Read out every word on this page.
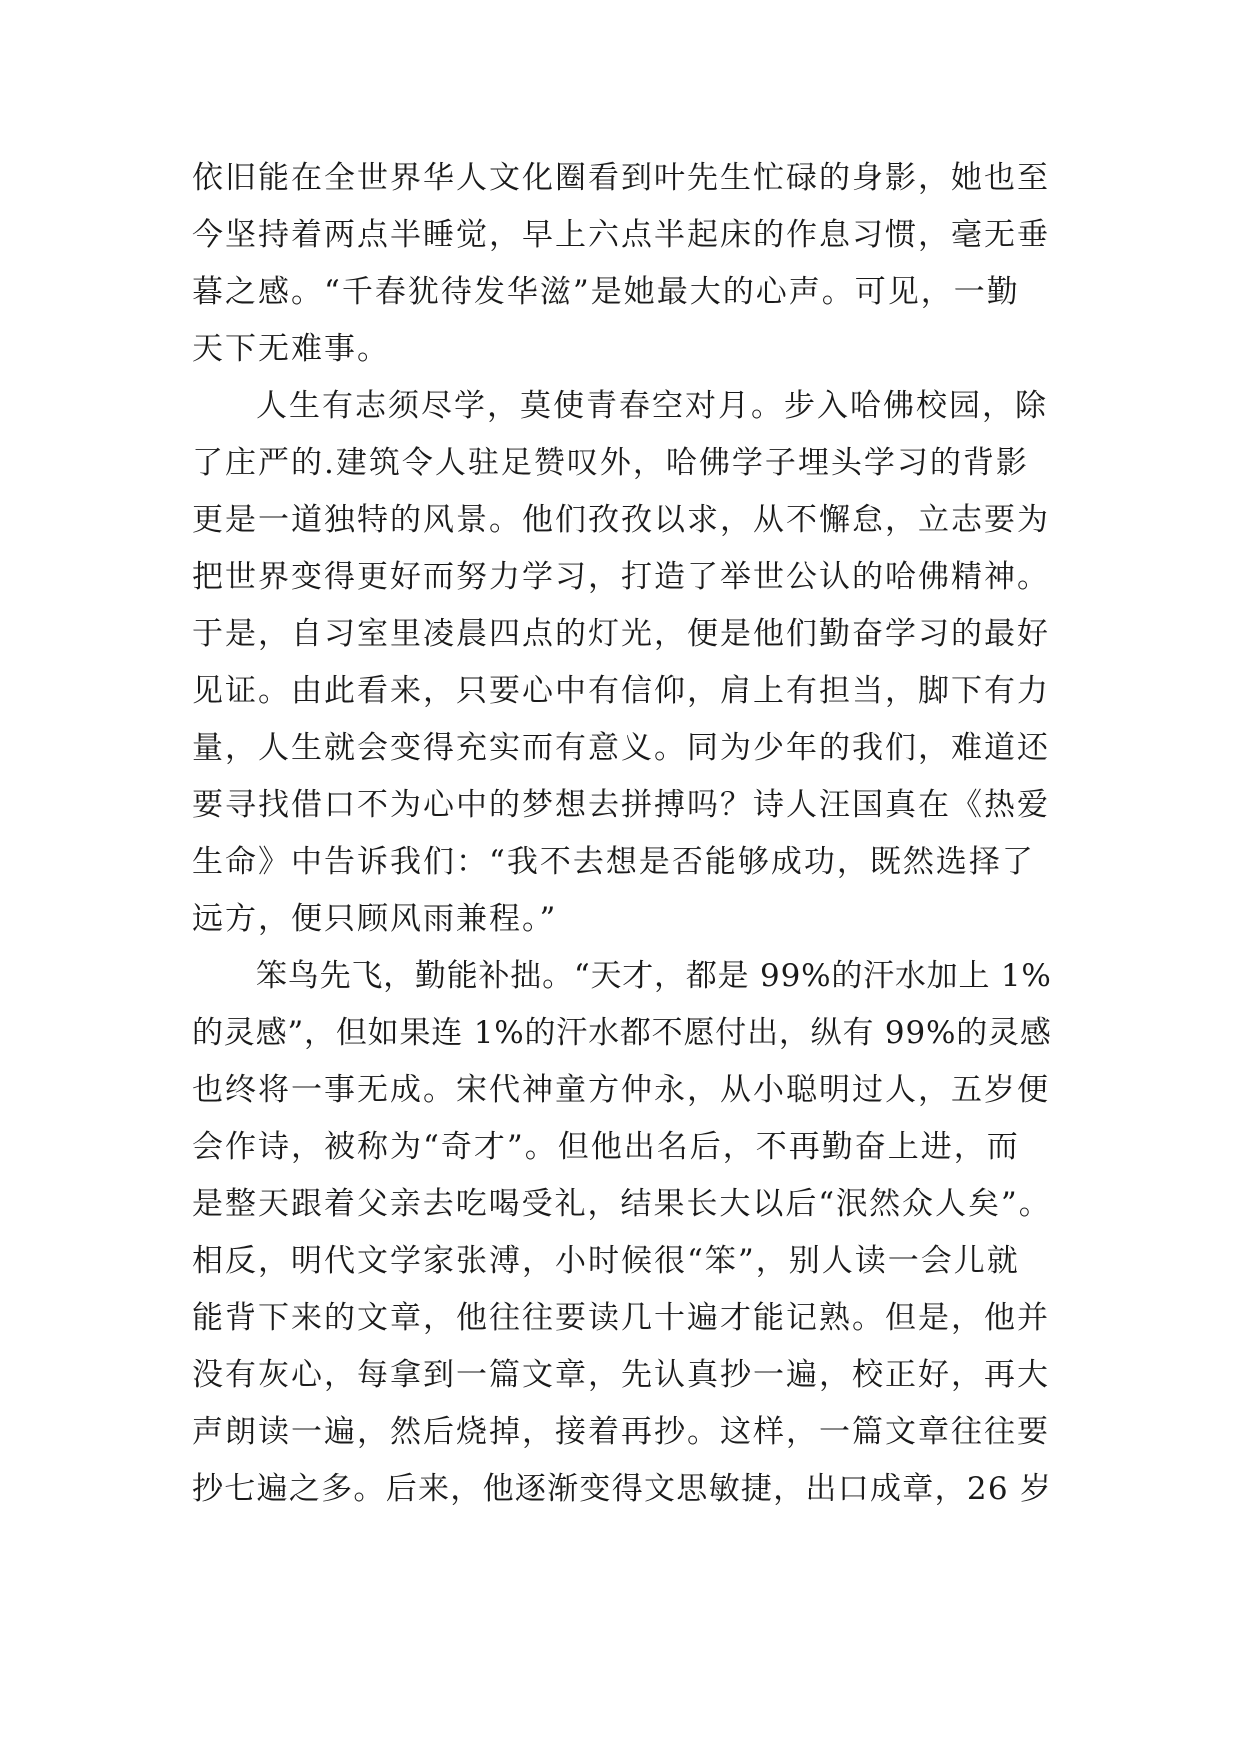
依旧能在全世界华人文化圈看到叶先生忙碌的身影，她也至
今坚持着两点半睡觉，早上六点半起床的作息习惯，毫无垂
暮之感。“千春犹待发华滋”是她最大的心声。可见，一勤
天下无难事。
人生有志须尽学，莫使青春空对月。步入哈佛校园，除
了庄严的.建筑令人驻足赞叹外，哈佛学子埋头学习的背影
更是一道独特的风景。他们孜孜以求，从不懈怠，立志要为
把世界变得更好而努力学习，打造了举世公认的哈佛精神。
于是，自习室里凌晨四点的灯光，便是他们勤奋学习的最好
见证。由此看来，只要心中有信仰，肩上有担当，脚下有力
量，人生就会变得充实而有意义。同为少年的我们，难道还
要寻找借口不为心中的梦想去拼搏吗？诗人汪国真在《热爱
生命》中告诉我们：“我不去想是否能够成功，既然选择了
远方，便只顾风雨兼程。”
笨鸟先飞，勤能补拙。“天才，都是 99%的汗水加上 1%
的灵感”，但如果连 1%的汗水都不愿付出，纵有 99%的灵感
也终将一事无成。宋代神童方仲永，从小聪明过人，五岁便
会作诗，被称为“奇才”。但他出名后，不再勤奋上进，而
是整天跟着父亲去吃喝受礼，结果长大以后“泯然众人矣”。
相反，明代文学家张溥，小时候很“笨”，别人读一会儿就
能背下来的文章，他往往要读几十遍才能记熟。但是，他并
没有灰心，每拿到一篇文章，先认真抄一遍，校正好，再大
声朗读一遍，然后烧掉，接着再抄。这样，一篇文章往往要
抄七遍之多。后来，他逐渐变得文思敏捷，出口成章，26 岁
